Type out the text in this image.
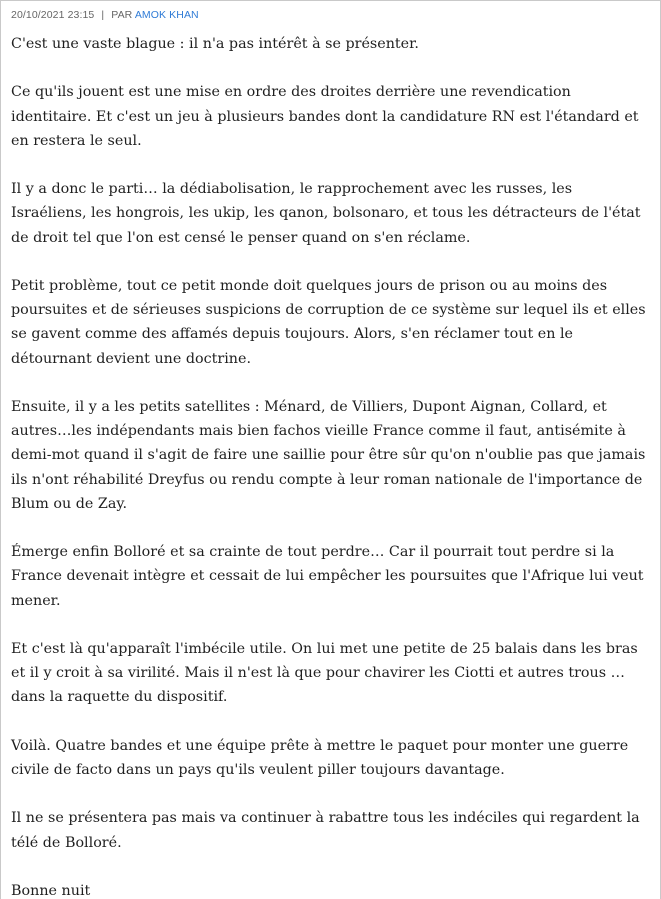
20/10/2021 23:15 | PAR AMOK KHAN

C'est une vaste blague : il n'a pas intérêt à se présenter.

Ce qu'ils jouent est une mise en ordre des droites derrière une revendication identitaire. Et c'est un jeu à plusieurs bandes dont la candidature RN est l'étandard et en restera le seul.

Il y a donc le parti… la dédiabolisation, le rapprochement avec les russes, les Israéliens, les hongrois, les ukip, les qanon, bolsonaro, et tous les détracteurs de l'état de droit tel que l'on est censé le penser quand on s'en réclame.

Petit problème, tout ce petit monde doit quelques jours de prison ou au moins des poursuites et de sérieuses suspicions de corruption de ce système sur lequel ils et elles se gavent comme des affamés depuis toujours. Alors, s'en réclamer tout en le détournant devient une doctrine.

Ensuite, il y a les petits satellites : Ménard, de Villiers, Dupont Aignan, Collard, et autres…les indépendants mais bien fachos vieille France comme il faut, antisémite à demi-mot quand il s'agit de faire une saillie pour être sûr qu'on n'oublie pas que jamais ils n'ont réhabilité Dreyfus ou rendu compte à leur roman nationale de l'importance de Blum ou de Zay.

Émerge enfin Bolloré et sa crainte de tout perdre… Car il pourrait tout perdre si la France devenait intègre et cessait de lui empêcher les poursuites que l'Afrique lui veut mener.

Et c'est là qu'apparaît l'imbécile utile. On lui met une petite de 25 balais dans les bras et il y croit à sa virilité. Mais il n'est là que pour chavirer les Ciotti et autres trous … dans la raquette du dispositif.

Voilà. Quatre bandes et une équipe prête à mettre le paquet pour monter une guerre civile de facto dans un pays qu'ils veulent piller toujours davantage.

Il ne se présentera pas mais va continuer à rabattre tous les indéciles qui regardent la télé de Bolloré.

Bonne nuit
